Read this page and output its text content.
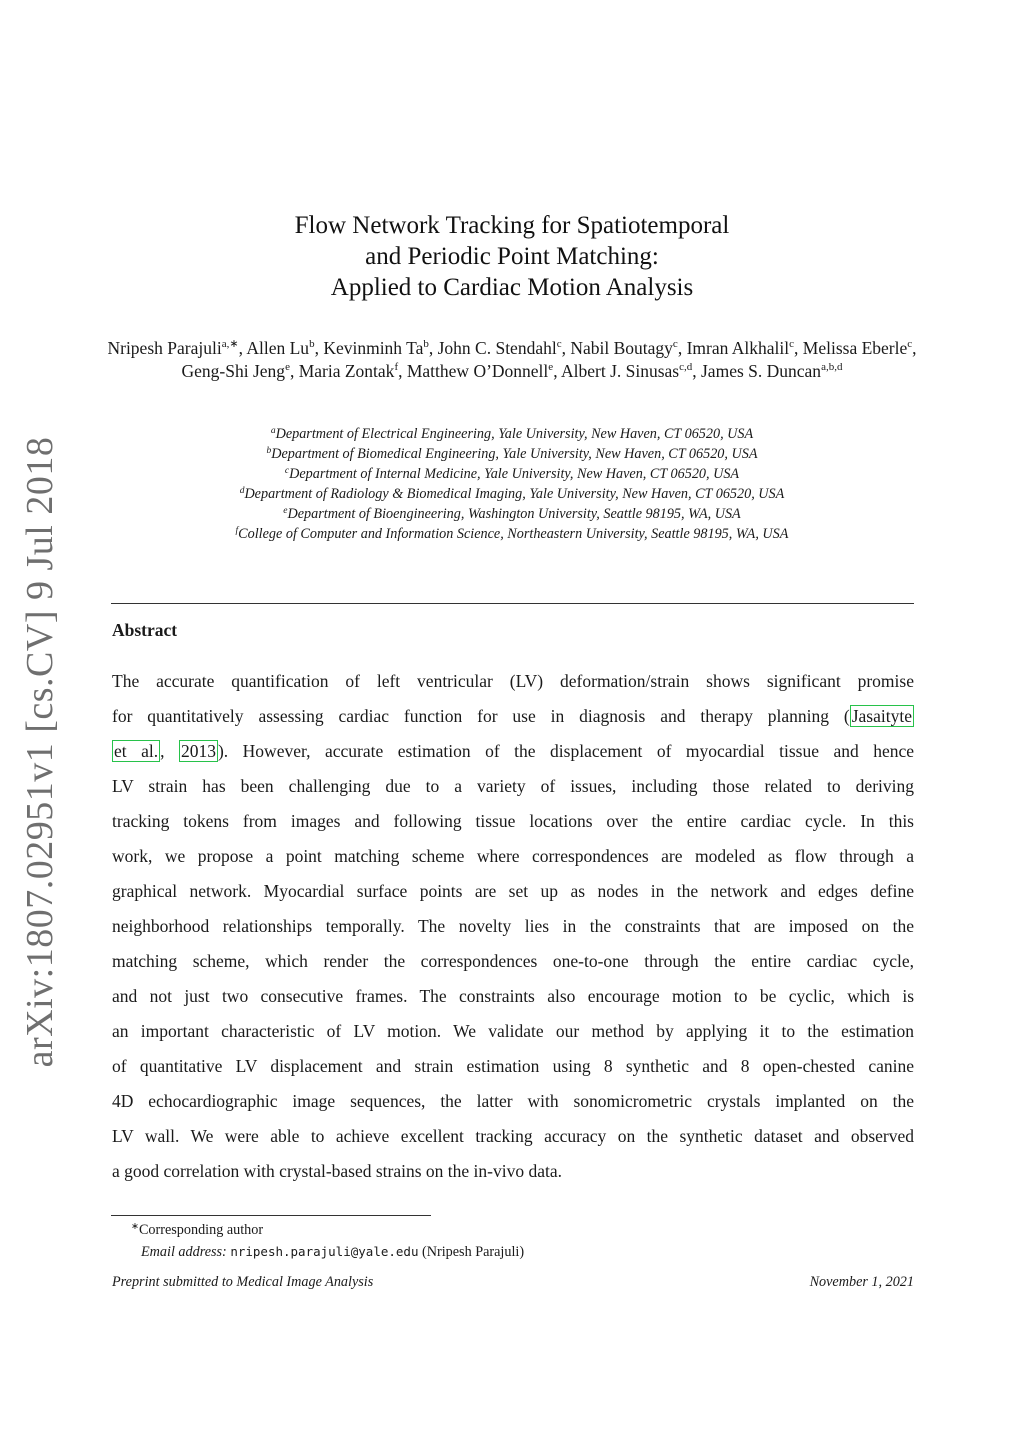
arXiv:1807.02951v1 [cs.CV] 9 Jul 2018
Flow Network Tracking for Spatiotemporal
and Periodic Point Matching:
Applied to Cardiac Motion Analysis
Nripesh Parajuli$^{a,∗}$, Allen Lu$^b$, Kevinminh Ta$^b$, John C. Stendahl$^c$, Nabil Boutagy$^c$, Imran Alkhalil$^c$, Melissa Eberle$^c$, Geng-Shi Jeng$^e$, Maria Zontak$^f$, Matthew O’Donnell$^e$, Albert J. Sinusas$^{c,d}$, James S. Duncan$^{a,b,d}$
$^a$Department of Electrical Engineering, Yale University, New Haven, CT 06520, USA
$^b$Department of Biomedical Engineering, Yale University, New Haven, CT 06520, USA
$^c$Department of Internal Medicine, Yale University, New Haven, CT 06520, USA
$^d$Department of Radiology & Biomedical Imaging, Yale University, New Haven, CT 06520, USA
$^e$Department of Bioengineering, Washington University, Seattle 98195, WA, USA
$^f$College of Computer and Information Science, Northeastern University, Seattle 98195, WA, USA
Abstract
The accurate quantification of left ventricular (LV) deformation/strain shows significant promise
for quantitatively assessing cardiac function for use in diagnosis and therapy planning ( Jasaityte
et al. , 2013 ). However, accurate estimation of the displacement of myocardial tissue and hence
LV strain has been challenging due to a variety of issues, including those related to deriving
tracking tokens from images and following tissue locations over the entire cardiac cycle. In this
work, we propose a point matching scheme where correspondences are modeled as flow through a
graphical network. Myocardial surface points are set up as nodes in the network and edges define
neighborhood relationships temporally. The novelty lies in the constraints that are imposed on the
matching scheme, which render the correspondences one-to-one through the entire cardiac cycle,
and not just two consecutive frames. The constraints also encourage motion to be cyclic, which is
an important characteristic of LV motion. We validate our method by applying it to the estimation
of quantitative LV displacement and strain estimation using 8 synthetic and 8 open-chested canine
4D echocardiographic image sequences, the latter with sonomicrometric crystals implanted on the
LV wall. We were able to achieve excellent tracking accuracy on the synthetic dataset and observed
a good correlation with crystal-based strains on the in-vivo data.
∗Corresponding author
Email address: nripesh.parajuli@yale.edu (Nripesh Parajuli)
Preprint submitted to Medical Image Analysis	November 1, 2021
